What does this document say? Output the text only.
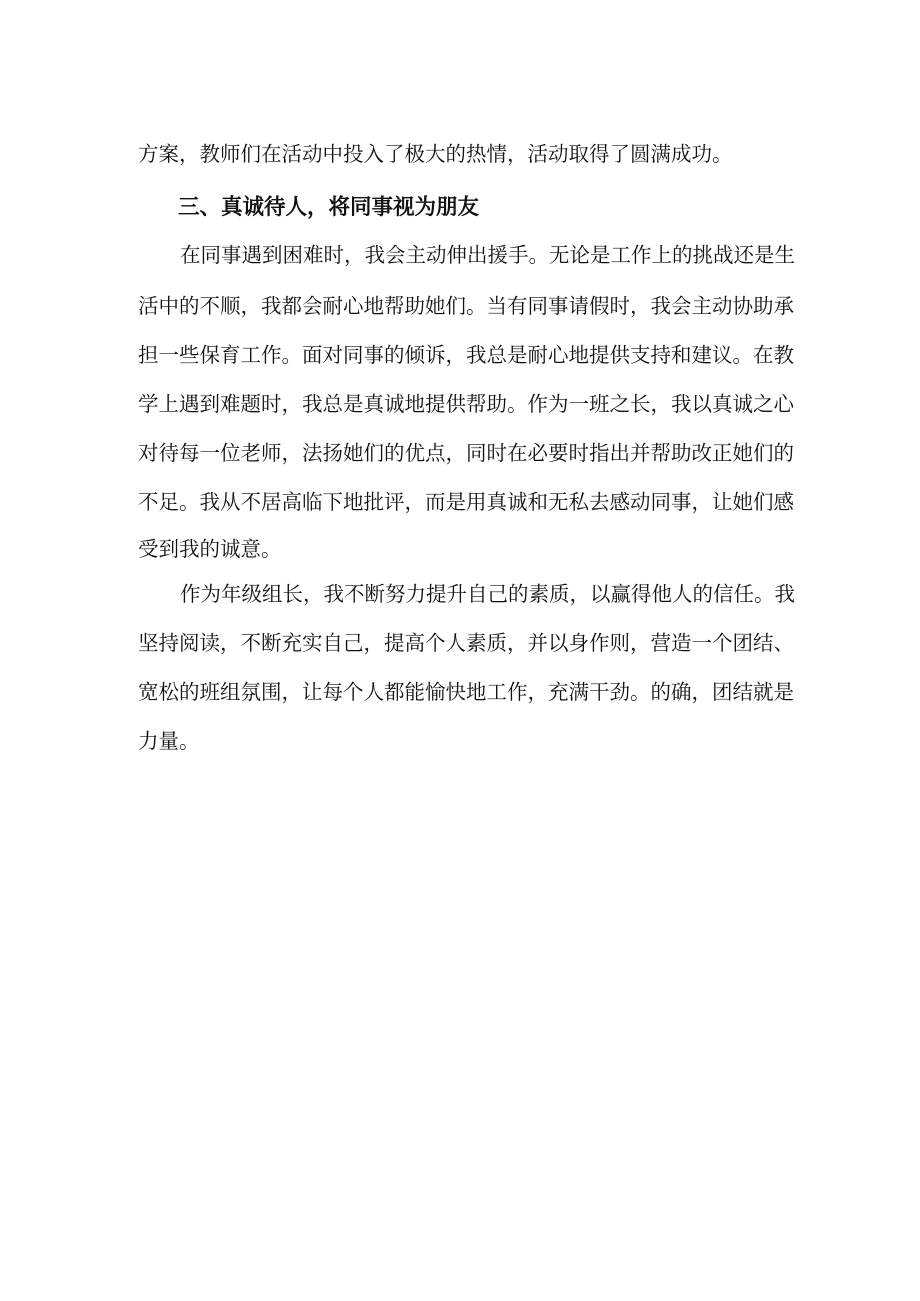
方案，教师们在活动中投入了极大的热情，活动取得了圆满成功。
三、真诚待人，将同事视为朋友
在同事遇到困难时，我会主动伸出援手。无论是工作上的挑战还是生
活中的不顺，我都会耐心地帮助她们。当有同事请假时，我会主动协助承
担一些保育工作。面对同事的倾诉，我总是耐心地提供支持和建议。在教
学上遇到难题时，我总是真诚地提供帮助。作为一班之长，我以真诚之心
对待每一位老师，法扬她们的优点，同时在必要时指出并帮助改正她们的
不足。我从不居高临下地批评，而是用真诚和无私去感动同事，让她们感
受到我的诚意。
作为年级组长，我不断努力提升自己的素质，以赢得他人的信任。我
坚持阅读，不断充实自己，提高个人素质，并以身作则，营造一个团结、
宽松的班组氛围，让每个人都能愉快地工作，充满干劲。的确，团结就是
力量。
